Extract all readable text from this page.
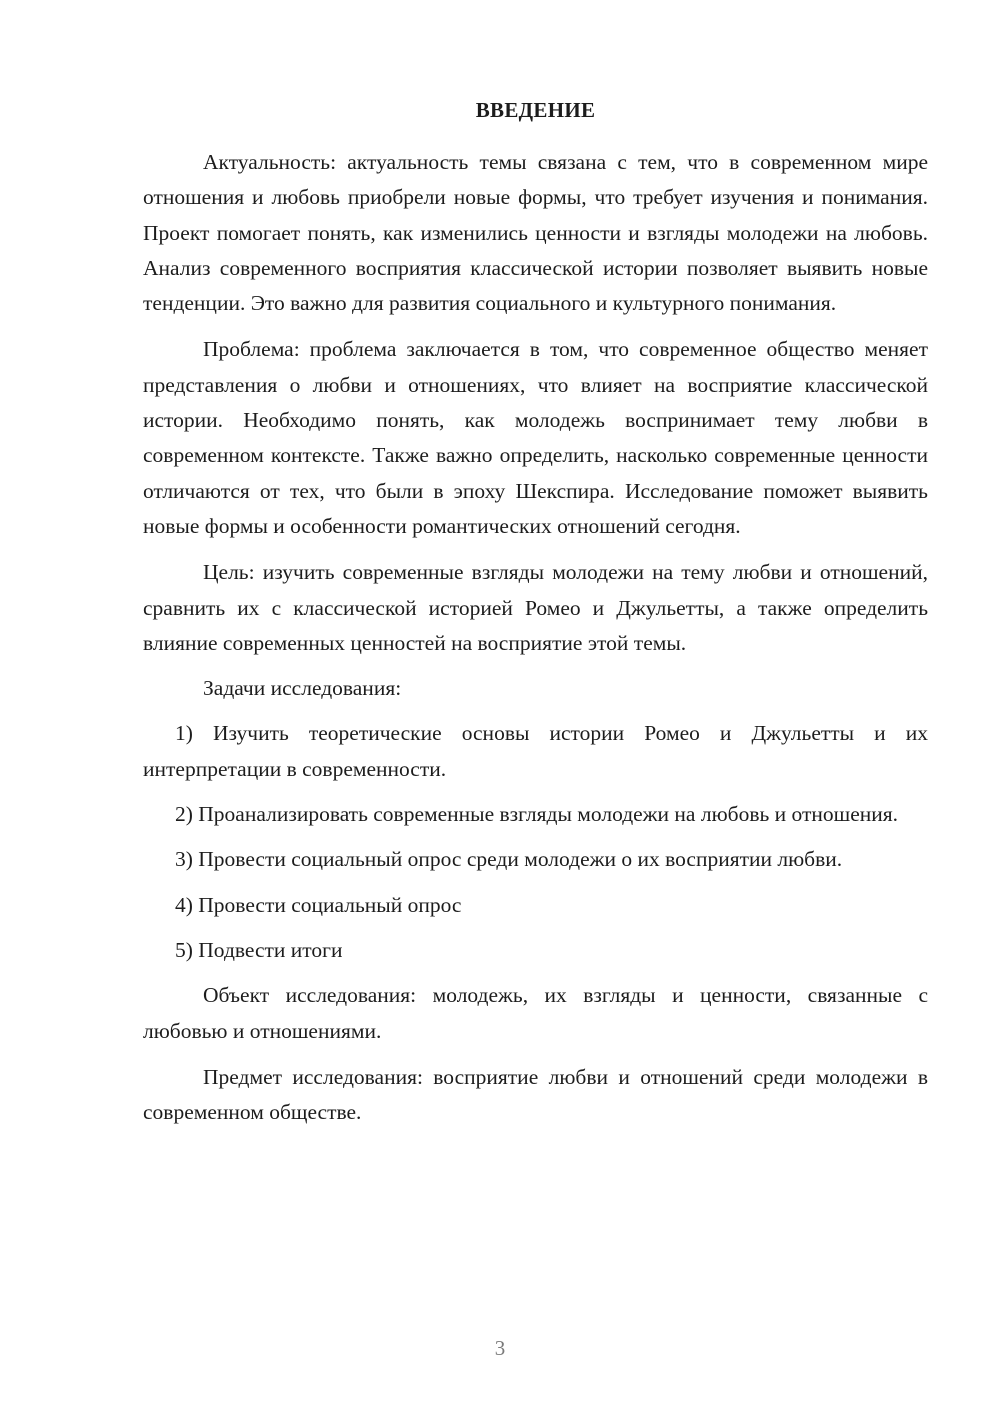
ВВЕДЕНИЕ

Актуальность: актуальность темы связана с тем, что в современном мире отношения и любовь приобрели новые формы, что требует изучения и понимания. Проект помогает понять, как изменились ценности и взгляды молодежи на любовь. Анализ современного восприятия классической истории позволяет выявить новые тенденции. Это важно для развития социального и культурного понимания.

Проблема: проблема заключается в том, что современное общество меняет представления о любви и отношениях, что влияет на восприятие классической истории. Необходимо понять, как молодежь воспринимает тему любви в современном контексте. Также важно определить, насколько современные ценности отличаются от тех, что были в эпоху Шекспира. Исследование поможет выявить новые формы и особенности романтических отношений сегодня.

Цель: изучить современные взгляды молодежи на тему любви и отношений, сравнить их с классической историей Ромео и Джульетты, а также определить влияние современных ценностей на восприятие этой темы.

Задачи исследования:

1) Изучить теоретические основы истории Ромео и Джульетты и их интерпретации в современности.

2) Проанализировать современные взгляды молодежи на любовь и отношения.

3) Провести социальный опрос среди молодежи о их восприятии любви.

4) Провести социальный опрос

5) Подвести итоги

Объект исследования: молодежь, их взгляды и ценности, связанные с любовью и отношениями.

Предмет исследования: восприятие любви и отношений среди молодежи в современном обществе.

3
